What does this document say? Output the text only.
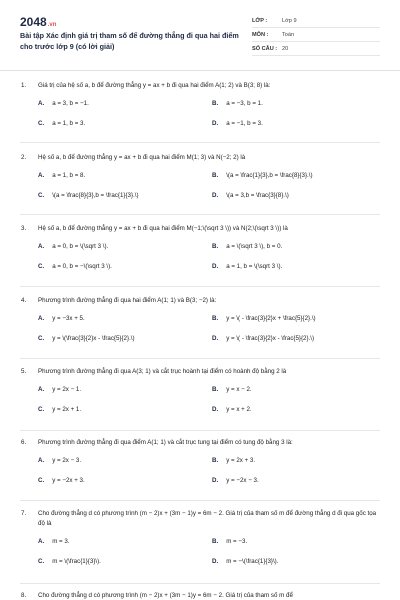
2048.vn
Bài tập Xác định giá trị tham số để đường thẳng đi qua hai điểm cho trước lớp 9 (có lời giải)
LỚP :	Lớp 9
MÔN :	Toán
SỐ CÂU : 20
1. Giá trị của hệ số a, b để đường thẳng y = ax + b đi qua hai điểm A(1; 2) và B(3; 8) là:
A. a = 3, b = −1.	B. a = −3, b = 1.
C. a = 1, b = 3.	D. a = −1, b = 3.
2. Hệ số a, b để đường thẳng y = ax + b đi qua hai điểm M(1; 3) và N(−2; 2) là
A. a = 1, b = 8.	B. \(a = \frac{1}{3},b = \frac{8}{3}.\)
C. \(a = \frac{8}{3},b = \frac{1}{3}.\)	D. \(a = 3,b = \frac{3}{8}.\)
3. Hệ số a, b để đường thẳng y = ax + b đi qua hai điểm M(−1;\(\sqrt 3 \)) và N(2;\(\sqrt 3 \)) là
A. a = 0, b = \(\sqrt 3 \).	B. a = \(\sqrt 3 \), b = 0.
C. a = 0, b = −\(\sqrt 3 \).	D. a = 1, b = \(\sqrt 3 \).
4. Phương trình đường thẳng đi qua hai điểm A(1; 1) và B(3; −2) là:
A. y = −3x + 5.	B. y = \( - \frac{3}{2}x + \frac{5}{2}.\)
C. y = \(\frac{3}{2}x - \frac{5}{2}.\)	D. y = \( - \frac{3}{2}x - \frac{5}{2}.\)
5. Phương trình đường thẳng đi qua A(3; 1) và cắt trục hoành tại điểm có hoành độ bằng 2 là
A. y = 2x − 1.	B. y = x − 2.
C. y = 2x + 1.	D. y = x + 2.
6. Phương trình đường thẳng đi qua điểm A(1; 1) và cắt trục tung tại điểm có tung độ bằng 3 là:
A. y = 2x − 3.	B. y = 2x + 3.
C. y = −2x + 3.	D. y = −2x − 3.
7. Cho đường thẳng d có phương trình (m − 2)x + (3m − 1)y = 6m − 2. Giá trị của tham số m để đường thẳng d đi qua gốc tọa độ là
A. m = 3.	B. m = −3.
C. m = \(\frac{1}{3}\).	D. m = −\(\frac{1}{3}\).
8. Cho đường thẳng d có phương trình (m − 2)x + (3m − 1)y = 6m − 2. Giá trị của tham số m để
